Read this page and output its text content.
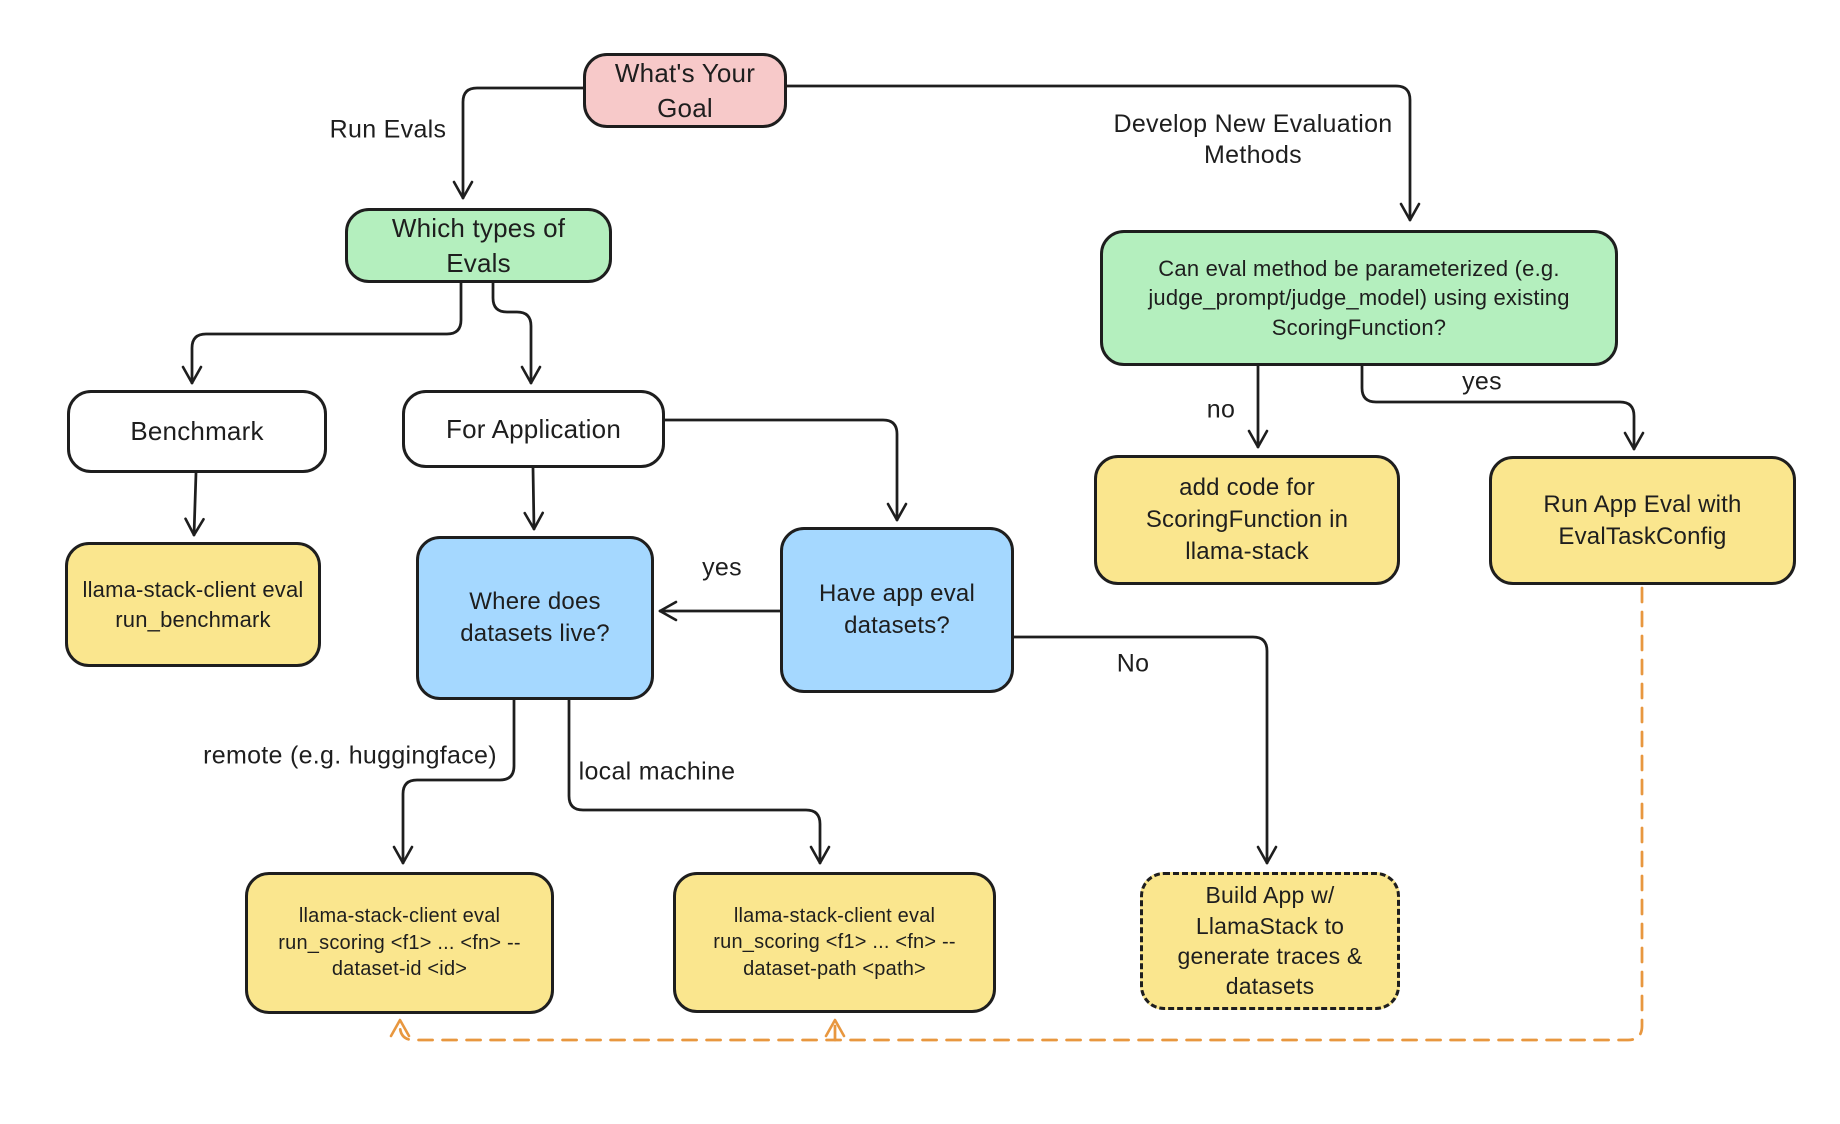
What's Your Goal
Which types of Evals	Can eval method be parameterized (e.g. judge_prompt/judge_model) using existing ScoringFunction?
Benchmark	For Application
llama-stack-client eval run_benchmark
Where does datasets live?
Have app eval datasets?
add code for ScoringFunction in llama-stack
Run App Eval with EvalTaskConfig
llama-stack-client eval run_scoring <f1> ... <fn> --dataset-id <id>
llama-stack-client eval run_scoring <f1> ... <fn> --dataset-path <path>
Build App w/ LlamaStack to generate traces & datasets
Run Evals	Develop New Evaluation Methods
no
yes
yes
No
remote (e.g. huggingface)
local machine
